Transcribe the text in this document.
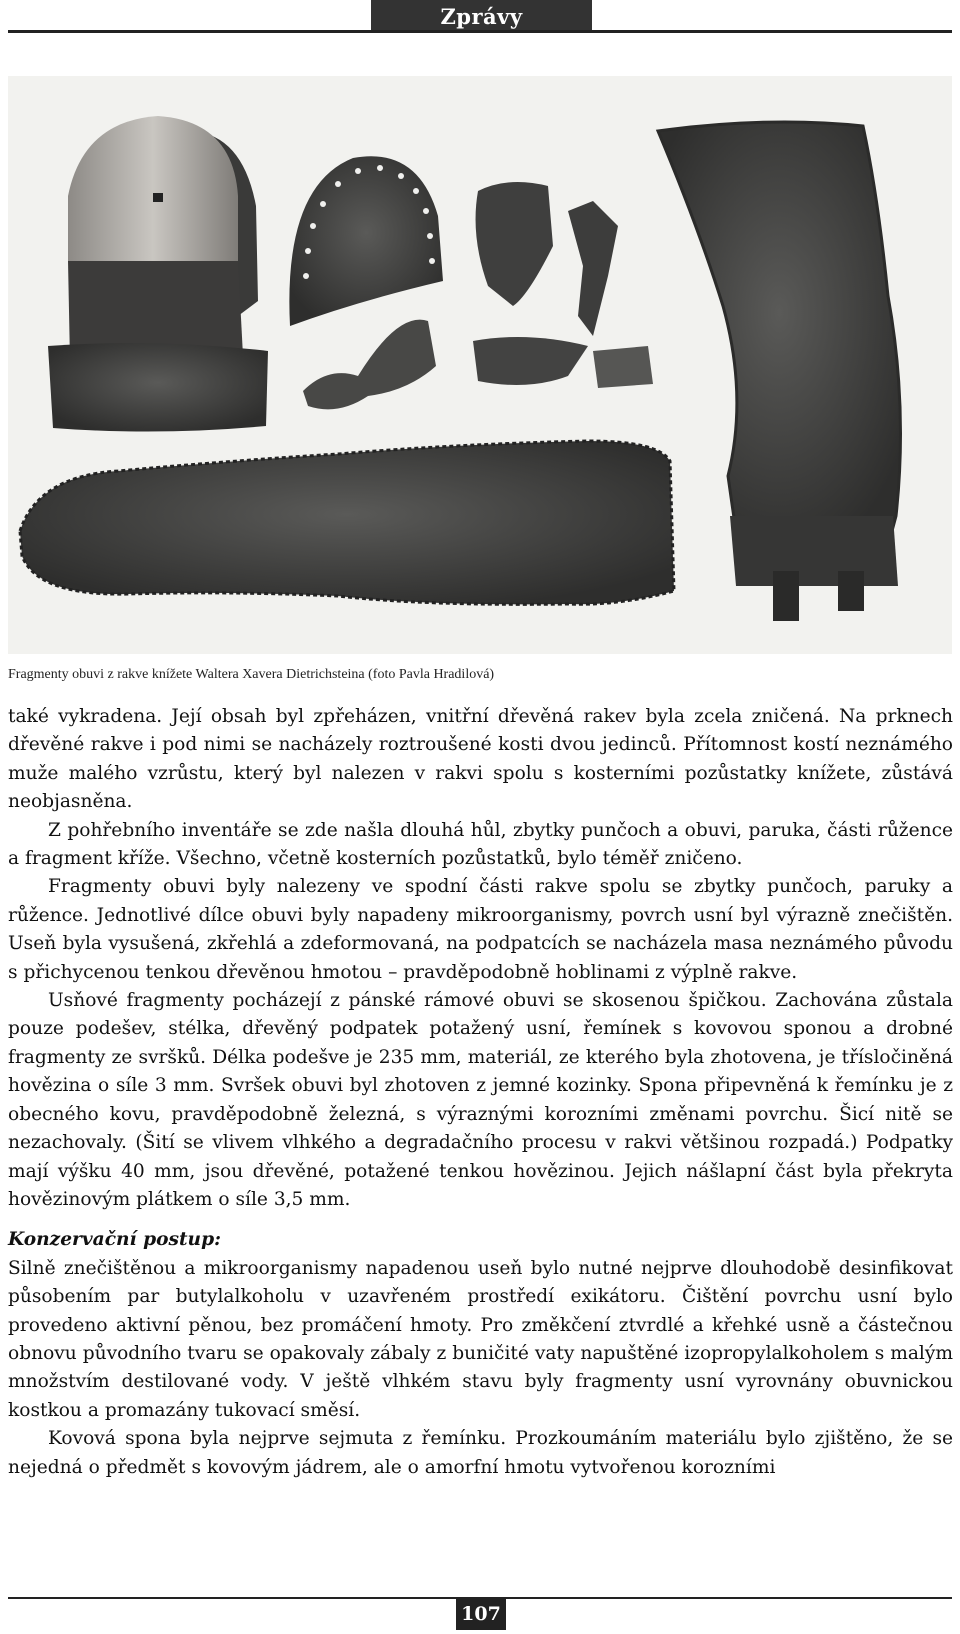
Zprávy
Fragmenty obuvi z rakve knížete Waltera Xavera Dietrichsteina (foto Pavla Hradilová)

také vykradena. Její obsah byl zpřeházen, vnitřní dřevěná rakev byla zcela zničená. Na prknech dřevěné rakve i pod nimi se nacházely roztroušené kosti dvou jedinců. Přítomnost kostí neznámého muže malého vzrůstu, který byl nalezen v rakvi spolu s kosterními pozůstatky knížete, zůstává neobjasněna.

Z pohřebního inventáře se zde našla dlouhá hůl, zbytky punčoch a obuvi, paruka, části růžence a fragment kříže. Všechno, včetně kosterních pozůstatků, bylo téměř zničeno.

Fragmenty obuvi byly nalezeny ve spodní části rakve spolu se zbytky punčoch, paruky a růžence. Jednotlivé dílce obuvi byly napadeny mikroorganismy, povrch usní byl výrazně znečištěn. Useň byla vysušená, zkřehlá a zdeformovaná, na podpatcích se nacházela masa neznámého původu s přichycenou tenkou dřevěnou hmotou – pravděpodobně hoblinami z výplně rakve.

Usňové fragmenty pocházejí z pánské rámové obuvi se skosenou špičkou. Zachována zůstala pouze podešev, stélka, dřevěný podpatek potažený usní, řemínek s kovovou sponou a drobné fragmenty ze svršků. Délka podešve je 235 mm, materiál, ze kterého byla zhotovena, je třísločiněná hovězina o síle 3 mm. Svršek obuvi byl zhotoven z jemné kozinky. Spona připevněná k řemínku je z obecného kovu, pravděpodobně železná, s výraznými korozními změnami povrchu. Šicí nitě se nezachovaly. (Šití se vlivem vlhkého a degradačního procesu v rakvi většinou rozpadá.) Podpatky mají výšku 40 mm, jsou dřevěné, potažené tenkou hovězinou. Jejich nášlapní část byla překryta hovězinovým plátkem o síle 3,5 mm.

Konzervační postup:

Silně znečištěnou a mikroorganismy napadenou useň bylo nutné nejprve dlouhodobě desinfikovat působením par butylalkoholu v uzavřeném prostředí exikátoru. Čištění povrchu usní bylo provedeno aktivní pěnou, bez promáčení hmoty. Pro změkčení ztvrdlé a křehké usně a částečnou obnovu původního tvaru se opakovaly zábaly z buničité vaty napuštěné izopropylalkoholem s malým množstvím destilované vody. V ještě vlhkém stavu byly fragmenty usní vyrovnány obuvnickou kostkou a promazány tukovací směsí.

Kovová spona byla nejprve sejmuta z řemínku. Prozkoumáním materiálu bylo zjištěno, že se nejedná o předmět s kovovým jádrem, ale o amorfní hmotu vytvořenou korozními

107
